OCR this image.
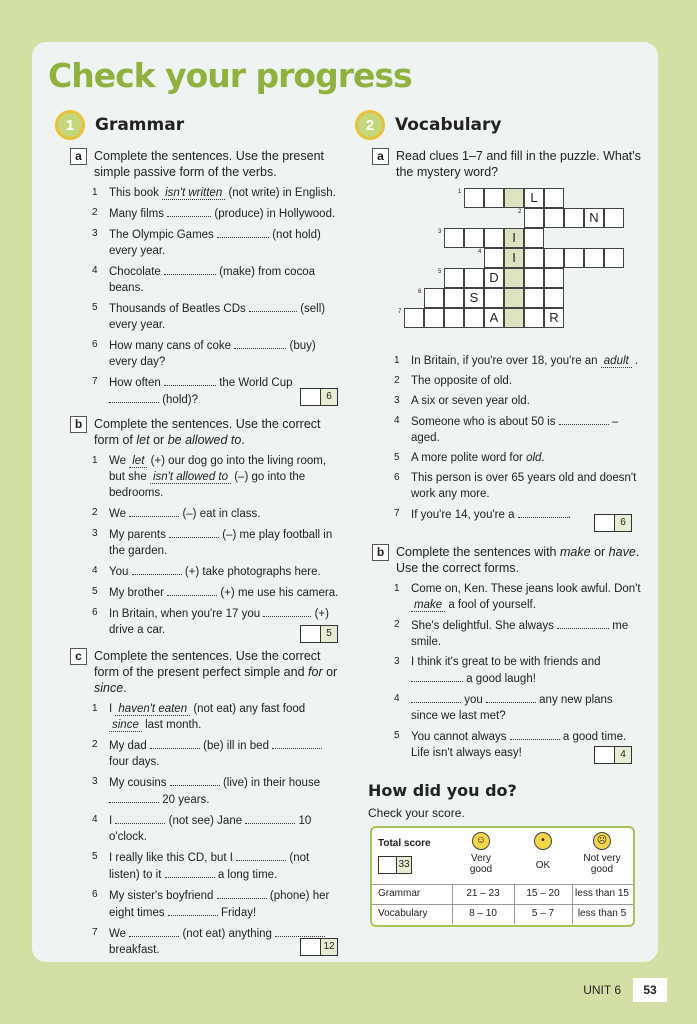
Check your progress
1	Grammar
a Complete the sentences. Use the present simple passive form of the verbs.
1 This book isn't written (not write) in English.
2 Many films	(produce) in Hollywood.
3 The Olympic Games	(not hold) every year.
4 Chocolate	(make) from cocoa beans.
5 Thousands of Beatles CDs	(sell) every year.
6 How many cans of coke	(buy) every day?
7 How often	the World Cup  (hold)?	6
b Complete the sentences. Use the correct form of let or be allowed to.
1 We let (+) our dog go into the living room, but she isn't allowed to (–) go into the bedrooms.
2 We	(–) eat in class.
3 My parents	(–) me play football in the garden.
4 You	(+) take photographs here.
5 My brother	(+) me use his camera.
6 In Britain, when you're 17 you	(+) drive a car.	5
c Complete the sentences. Use the correct form of the present perfect simple and for or since.
1 I haven't eaten (not eat) any fast food since last month.
2 My dad	(be) ill in bed  four days.
3 My cousins	(live) in their house  20 years.
4 I	(not see) Jane	10 o'clock.
5 I really like this CD, but I	(not listen) to it	a long time.
6 My sister's boyfriend	(phone) her eight times	Friday!
7 We	(not eat) anything  breakfast.	12
2	Vocabulary
a Read clues 1–7 and fill in the puzzle. What's the mystery word?
1
2
3
4
5
6
7
L
N
I
I
D
S
A	R
1 In Britain, if you're over 18, you're an adult .
2 The opposite of old.
3 A six or seven year old.
4 Someone who is about 50 is	– aged.
5 A more polite word for old.
6 This person is over 65 years old and doesn't work any more.
7 If you're 14, you're a	.
6
b Complete the sentences with make or have. Use the correct forms.
1 Come on, Ken. These jeans look awful. Don't make a fool of yourself.
2 She's delightful. She always	me smile.
3 I think it's great to be with friends and  a good laugh!
4	you	any new plans since we last met?
5 You cannot always	a good time. Life isn't always easy!	4
How did you do?

Check your score.

Total score
33
☺
Very good
•
OK
☹
Not very good
Grammar	21 – 23	15 – 20	less than 15
Vocabulary	8 – 10	5 – 7	less than 5
UNIT 6	53
